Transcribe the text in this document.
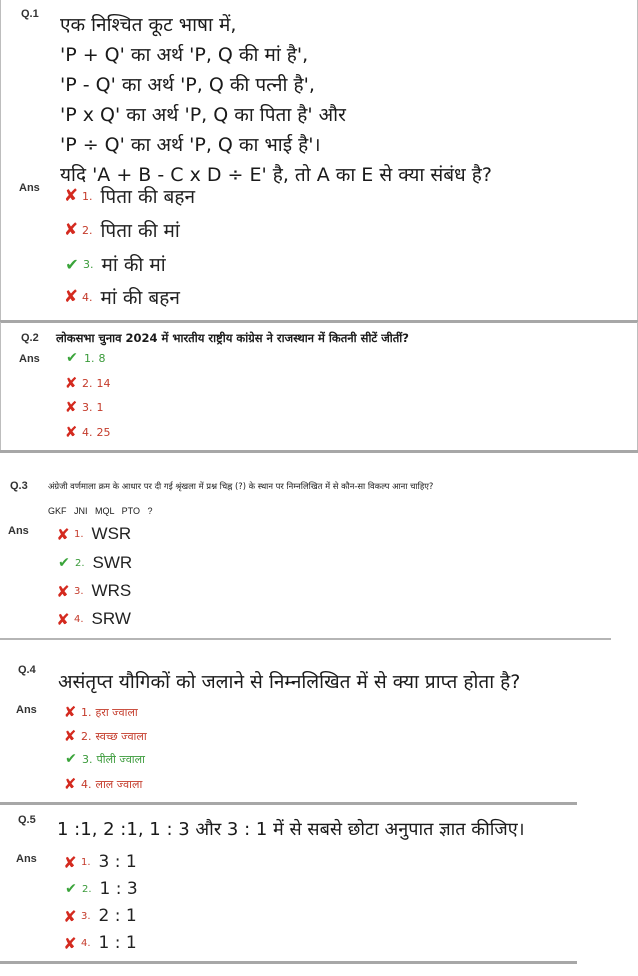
Q.1 एक निश्चित कूट भाषा में,
'P + Q' का अर्थ 'P, Q की मां है',
'P - Q' का अर्थ 'P, Q की पत्नी है',
'P x Q' का अर्थ 'P, Q का पिता है' और
'P ÷ Q' का अर्थ 'P, Q का भाई है'।
यदि 'A + B - C x D ÷ E' है, तो A का E से क्या संबंध है?
Ans ✘ 1. पिता की बहन
✘ 2. पिता की मां
✔ 3. मां की मां
✘ 4. मां की बहन
Q.2 लोकसभा चुनाव 2024 में भारतीय राष्ट्रीय कांग्रेस ने राजस्थान में कितनी सीटें जीतीं?
Ans ✔ 1. 8
✘ 2. 14
✘ 3. 1
✘ 4. 25
Q.3 अंग्रेजी वर्णमाला क्रम के आधार पर दी गई श्रृंखला में प्रश्न चिह्न (?) के स्थान पर निम्नलिखित में से कौन-सा विकल्प आना चाहिए?
GKF   JNI   MQL   PTO   ?
Ans ✘ 1. WSR
✔ 2. SWR
✘ 3. WRS
✘ 4. SRW
Q.4
असंतृप्त यौगिकों को जलाने से निम्नलिखित में से क्या प्राप्त होता है?
Ans ✘ 1. हरा ज्वाला
✘ 2. स्वच्छ ज्वाला
✔ 3. पीली ज्वाला
✘ 4. लाल ज्वाला
Q.5 1 :1, 2 :1, 1 : 3 और 3 : 1 में से सबसे छोटा अनुपात ज्ञात कीजिए।
Ans ✘ 1. 3 : 1
✔ 2. 1 : 3
✘ 3. 2 : 1
✘ 4. 1 : 1
